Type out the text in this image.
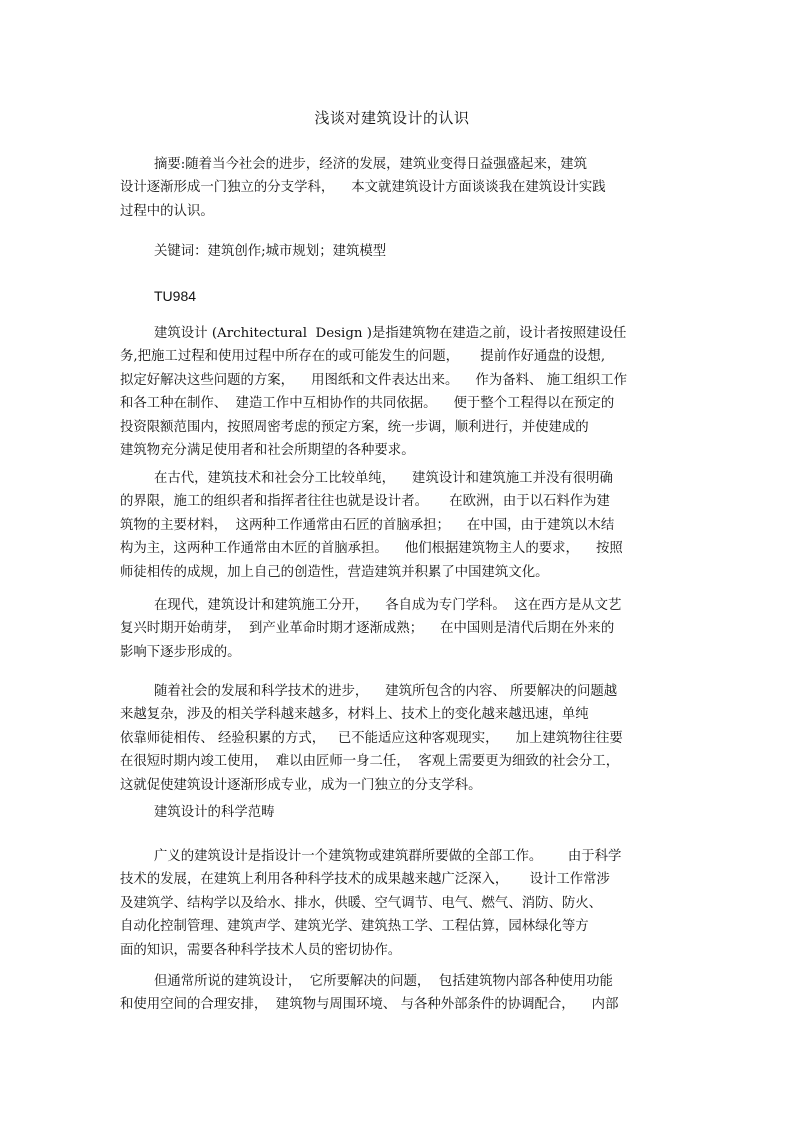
浅谈对建筑设计的认识
摘要:随着当今社会的进步，经济的发展，建筑业变得日益强盛起来，建筑
设计逐渐形成一门独立的分支学科，    本文就建筑设计方面谈谈我在建筑设计实践
过程中的认识。
关键词：建筑创作;城市规划；建筑模型
TU984
建筑设计 (Architectural  Design )是指建筑物在建造之前，设计者按照建设任
务,把施工过程和使用过程中所存在的或可能发生的问题，     提前作好通盘的设想,
拟定好解决这些问题的方案，    用图纸和文件表达出来。    作为备料、 施工组织工作
和各工种在制作、  建造工作中互相协作的共同依据。    便于整个工程得以在预定的
投资限额范围内，按照周密考虑的预定方案，统一步调，顺利进行，并使建成的
建筑物充分满足使用者和社会所期望的各种要求。
在古代，建筑技术和社会分工比较单纯，    建筑设计和建筑施工并没有很明确
的界限，施工的组织者和指挥者往往也就是设计者。     在欧洲，由于以石料作为建
筑物的主要材料，  这两种工作通常由石匠的首脑承担；    在中国，由于建筑以木结
构为主，这两种工作通常由木匠的首脑承担。    他们根据建筑物主人的要求，    按照
师徒相传的成规，加上自己的创造性，营造建筑并积累了中国建筑文化。
在现代，建筑设计和建筑施工分开，    各自成为专门学科。  这在西方是从文艺
复兴时期开始萌芽，  到产业革命时期才逐渐成熟；    在中国则是清代后期在外来的
影响下逐步形成的。
随着社会的发展和科学技术的进步，    建筑所包含的内容、 所要解决的问题越
来越复杂，涉及的相关学科越来越多，材料上、技术上的变化越来越迅速，单纯
依靠师徒相传、 经验积累的方式，   已不能适应这种客观现实，    加上建筑物往往要
在很短时期内竣工使用，  难以由匠师一身二任，  客观上需要更为细致的社会分工，
这就促使建筑设计逐渐形成专业，成为一门独立的分支学科。
建筑设计的科学范畴
广义的建筑设计是指设计一个建筑物或建筑群所要做的全部工作。      由于科学
技术的发展，在建筑上利用各种科学技术的成果越来越广泛深入，     设计工作常涉
及建筑学、结构学以及给水、排水，供暖、空气调节、电气、燃气、消防、防火、
自动化控制管理、建筑声学、建筑光学、建筑热工学、工程估算，园林绿化等方
面的知识，需要各种科学技术人员的密切协作。
但通常所说的建筑设计，  它所要解决的问题，  包括建筑物内部各种使用功能
和使用空间的合理安排，  建筑物与周围环境、 与各种外部条件的协调配合，    内部
